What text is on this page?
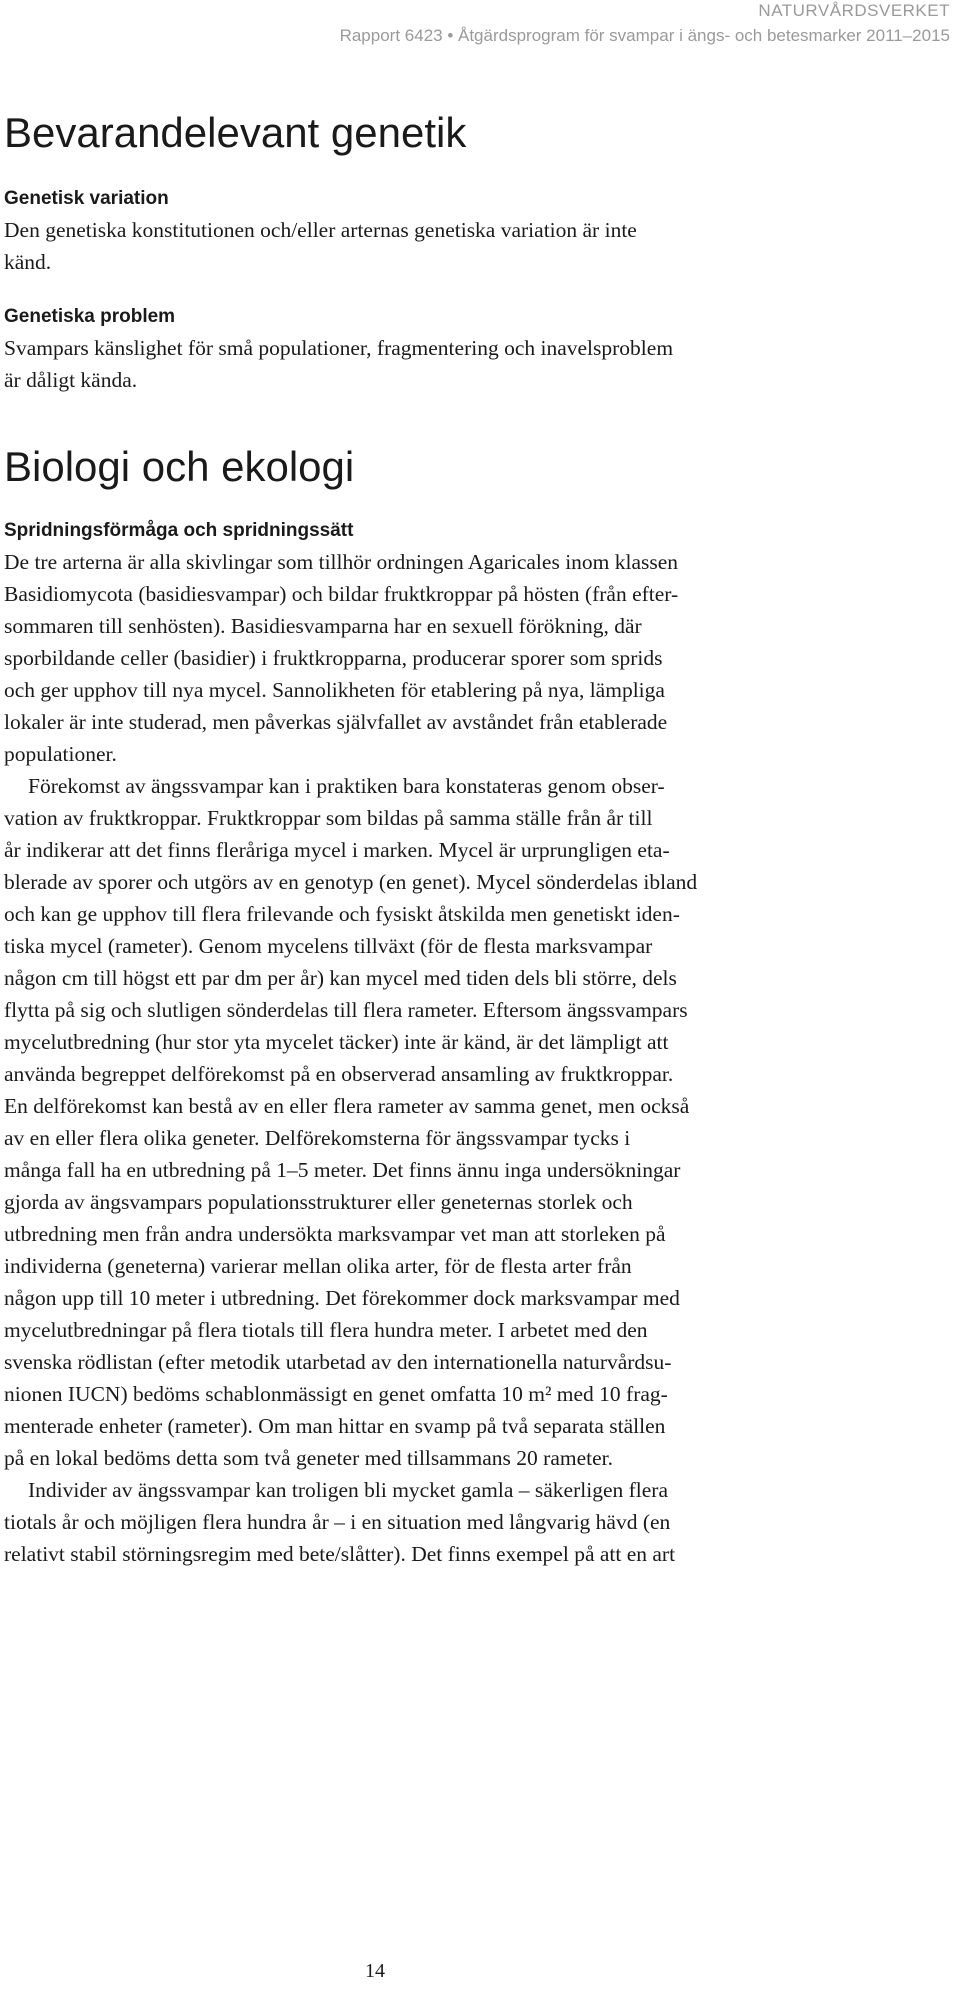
NATURVÅRDSVERKET
Rapport 6423 • Åtgärdsprogram för svampar i ängs- och betesmarker 2011–2015
Bevarandelevant genetik
Genetisk variation
Den genetiska konstitutionen och/eller arternas genetiska variation är inte
känd.
Genetiska problem
Svampars känslighet för små populationer, fragmentering och inavelsproblem
är dåligt kända.
Biologi och ekologi
Spridningsförmåga och spridningssätt
De tre arterna är alla skivlingar som tillhör ordningen Agaricales inom klassen
Basidiomycota (basidiesvampar) och bildar fruktkroppar på hösten (från efter-
sommaren till senhösten). Basidiesvamparna har en sexuell förökning, där
sporbildande celler (basidier) i fruktkropparna, producerar sporer som sprids
och ger upphov till nya mycel. Sannolikheten för etablering på nya, lämpliga
lokaler är inte studerad, men påverkas självfallet av avståndet från etablerade
populationer.
Förekomst av ängssvampar kan i praktiken bara konstateras genom obser-
vation av fruktkroppar. Fruktkroppar som bildas på samma ställe från år till
år indikerar att det finns fleråriga mycel i marken. Mycel är urprungligen eta-
blerade av sporer och utgörs av en genotyp (en genet). Mycel sönderdelas ibland
och kan ge upphov till flera frilevande och fysiskt åtskilda men genetiskt iden-
tiska mycel (rameter). Genom mycelens tillväxt (för de flesta marksvampar
någon cm till högst ett par dm per år) kan mycel med tiden dels bli större, dels
flytta på sig och slutligen sönderdelas till flera rameter. Eftersom ängssvampars
mycelutbredning (hur stor yta mycelet täcker) inte är känd, är det lämpligt att
använda begreppet delförekomst på en observerad ansamling av fruktkroppar.
En delförekomst kan bestå av en eller flera rameter av samma genet, men också
av en eller flera olika geneter. Delförekomsterna för ängssvampar tycks i
många fall ha en utbredning på 1–5 meter. Det finns ännu inga undersökningar
gjorda av ängsvampars populationsstrukturer eller geneternas storlek och
utbredning men från andra undersökta marksvampar vet man att storleken på
individerna (geneterna) varierar mellan olika arter, för de flesta arter från
någon upp till 10 meter i utbredning. Det förekommer dock marksvampar med
mycelutbredningar på flera tiotals till flera hundra meter. I arbetet med den
svenska rödlistan (efter metodik utarbetad av den internationella naturvårdsu-
nionen IUCN) bedöms schablonmässigt en genet omfatta 10 m² med 10 frag-
menterade enheter (rameter). Om man hittar en svamp på två separata ställen
på en lokal bedöms detta som två geneter med tillsammans 20 rameter.
Individer av ängssvampar kan troligen bli mycket gamla – säkerligen flera
tiotals år och möjligen flera hundra år – i en situation med långvarig hävd (en
relativt stabil störningsregim med bete/slåtter). Det finns exempel på att en art
14
